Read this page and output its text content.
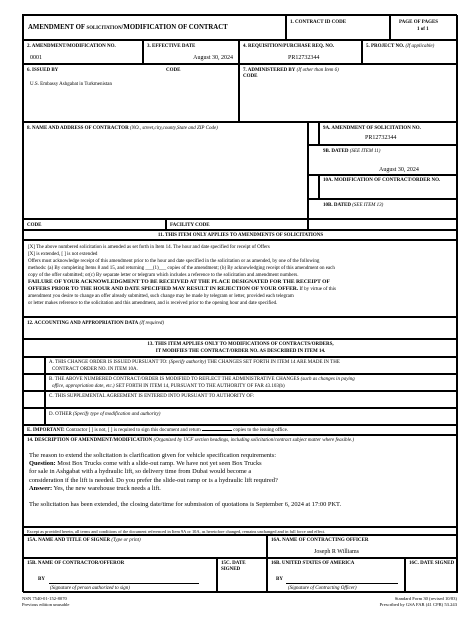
AMENDMENT OF SOLICITATION/MODIFICATION OF CONTRACT
1. CONTRACT ID CODE	PAGE OF PAGES
1 of 1
2. AMENDMENT/MODIFICATION NO.
0001
3. EFFECTIVE DATE
August 30, 2024
4. REQUISITION/PURCHASE REQ. NO.
PR12732344
5. PROJECT NO. (If applicable)
6. ISSUED BY	CODE
U.S. Embassy Ashgabat in Turkmenistan
7. ADMINISTERED BY (If other than Item 6)
CODE
8. NAME AND ADDRESS OF CONTRACTOR (NO., street,city,county,State and ZIP Code)	9A. AMENDMENT OF SOLICITATION NO.
PR12732344
9B. DATED (SEE ITEM 11)
August 30, 2024
10A. MODIFICATION OF CONTRACT/ORDER NO.
10B. DATED (SEE ITEM 13)
CODE	FACILITY CODE
11. THIS ITEM ONLY APPLIES TO AMENDMENTS OF SOLICITATIONS

[X] The above numbered solicitation is amended as set forth in Item 14. The hour and date specified for receipt of Offers

[X] is extended, [ ] is not extended

Offers must acknowledge receipt of this amendment prior to the hour and date specified in the solicitation or as amended, by one of the following

methods: (a) By completing Items 8 and 15, and returning ___(1)___ copies of the amendment; (b) By acknowledging receipt of this amendment on each

copy of the offer submitted; or(c) By separate letter or telegram which includes a reference to the solicitation and amendment numbers.

FAILURE OF YOUR ACKNOWLEDGMENT TO BE RECEIVED AT THE PLACE DESIGNATED FOR THE RECEIPT OF

OFFERS PRIOR TO THE HOUR AND DATE SPECIFIED MAY RESULT IN REJECTION OF YOUR OFFER. If by virtue of this

amendment you desire to change an offer already submitted, such change may be made by telegram or letter, provided each telegram

or letter makes reference to the solicitation and this amendment, and is received prior to the opening hour and date specified.

12. ACCOUNTING AND APPROPRIATION DATA (If required)
13. THIS ITEM APPLIES ONLY TO MODIFICATIONS OF CONTRACTS/ORDERS,
IT MODIFIES THE CONTRACT/ORDER NO. AS DESCRIBED IN ITEM 14.
A. THIS CHANGE ORDER IS ISSUED PURSUANT TO: (Specify authority) THE CHANGES SET FORTH IN ITEM 14 ARE MADE IN THE
CONTRACT ORDER NO. IN ITEM 10A.
B. THE ABOVE NUMBERED CONTRACT/ORDER IS MODIFIED TO REFLECT THE ADMINISTRATIVE CHANGES (such as changes in paying
office, appropriation date, etc.) SET FORTH IN ITEM 14, PURSUANT TO THE AUTHORITY OF FAR 43.103(b)
C. THIS SUPPLEMENTAL AGREEMENT IS ENTERED INTO PURSUANT TO AUTHORITY OF:
D. OTHER (Specify type of modification and authority)
E. IMPORTANT: Contractor [ ] is not, [ ] is required to sign this document and return	copies to the issuing office.
14. DESCRIPTION OF AMENDMENT/MODIFICATION (Organized by UCF section headings, including solicitation/contract subject matter where feasible.)
The reason to extend the solicitation is clarification given for vehicle specification requirements:
Question: Most Box Trucks come with a slide-out ramp. We have not yet seen Box Trucks
for sale in Ashgabat with a hydraulic lift, so delivery time from Dubai would become a
consideration if the lift is needed. Do you prefer the slide-out ramp or is a hydraulic lift required?
Answer: Yes, the new warehouse truck needs a lift.
The solicitation has been extended, the closing date/time for submission of quotations is September 6, 2024 at 17:00 PKT.
Except as provided herein, all terms and conditions of the document referenced in Item 9A or 10A, as heretofore changed, remains unchanged and in full force and effect.
15A. NAME AND TITLE OF SIGNER (Type or print)	16A. NAME OF CONTRACTING OFFICER
Joseph R Williams
15B. NAME OF CONTRACTOR/OFFEROR
BY
(Signature of person authorized to sign)
15C. DATE
SIGNED
16B. UNITED STATES OF AMERICA
BY
(Signature of Contracting Officer)
16C. DATE SIGNED
NSN 7540-01-152-8070
Previous edition unusable
Standard Form 30 (revised 10/83)
Prescribed by GSA FAR (41 CFR) 53.243
